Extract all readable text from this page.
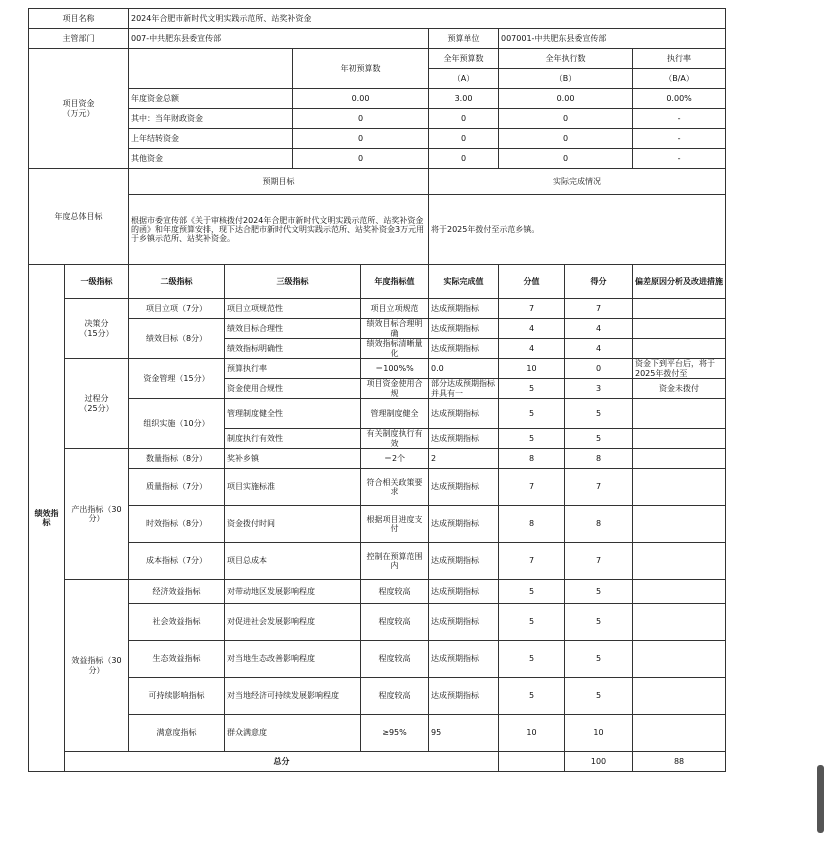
项目名称		2024年合肥市新时代文明实践示范所、站奖补资金								
主管部门		007-中共肥东县委宣传部				预算单位	007001-中共肥东县委宣传部			
项目资金
（万元）				年初预算数		全年预算数	全年执行数		执行率	
						（A）	（B）		（B/A）	
		年度资金总额		0.00		3.00	0.00		0.00%	
		其中：当年财政资金		0		0	0		-	
		上年结转资金		0		0	0		-	
		其他资金		0		0	0		-	
年度总体目标		预期目标				实际完成情况				
		根据市委宣传部《关于审核拨付2024年合肥市新时代文明实践示范所、站奖补资金的函》和年度预算安排，现下达合肥市新时代文明实践示范所、站奖补资金3万元用于乡镇示范所、站奖补资金。				将于2025年拨付至示范乡镇。				
绩效指标	一级指标	二级指标	三级指标		年度指标值	实际完成值	分值	得分	偏差原因分析及改进措施	
	决策分
（15分）	项目立项（7分）	项目立项规范性		项目立项规范	达成预期指标	7	7		
		绩效目标（8分）	绩效目标合理性		绩效目标合理明确	达成预期指标	4	4		
			绩效指标明确性		绩效指标清晰量化	达成预期指标	4	4		
	过程分
（25分）	资金管理（15分）	预算执行率		＝100%%	0.0	10	0	资金下到平台后，将于2025年拨付至	
			资金使用合规性		项目资金使用合规	部分达成预期指标并具有一	5	3	资金未拨付	
		组织实施（10分）	管理制度健全性		管理制度健全	达成预期指标	5	5		
			制度执行有效性		有关制度执行有效	达成预期指标	5	5		
	产出指标（30分）	数量指标（8分）	奖补乡镇		＝2个	2	8	8		
		质量指标（7分）	项目实施标准		符合相关政策要求	达成预期指标	7	7		
		时效指标（8分）	资金拨付时间		根据项目进度支付	达成预期指标	8	8		
		成本指标（7分）	项目总成本		控制在预算范围内	达成预期指标	7	7		
	效益指标（30分）	经济效益指标	对带动地区发展影响程度		程度较高	达成预期指标	5	5		
		社会效益指标	对促进社会发展影响程度		程度较高	达成预期指标	5	5		
		生态效益指标	对当地生态改善影响程度		程度较高	达成预期指标	5	5		
		可持续影响指标	对当地经济可持续发展影响程度		程度较高	达成预期指标	5	5		
		满意度指标	群众满意度		≥95%	95	10	10		
	总分							100	88	
